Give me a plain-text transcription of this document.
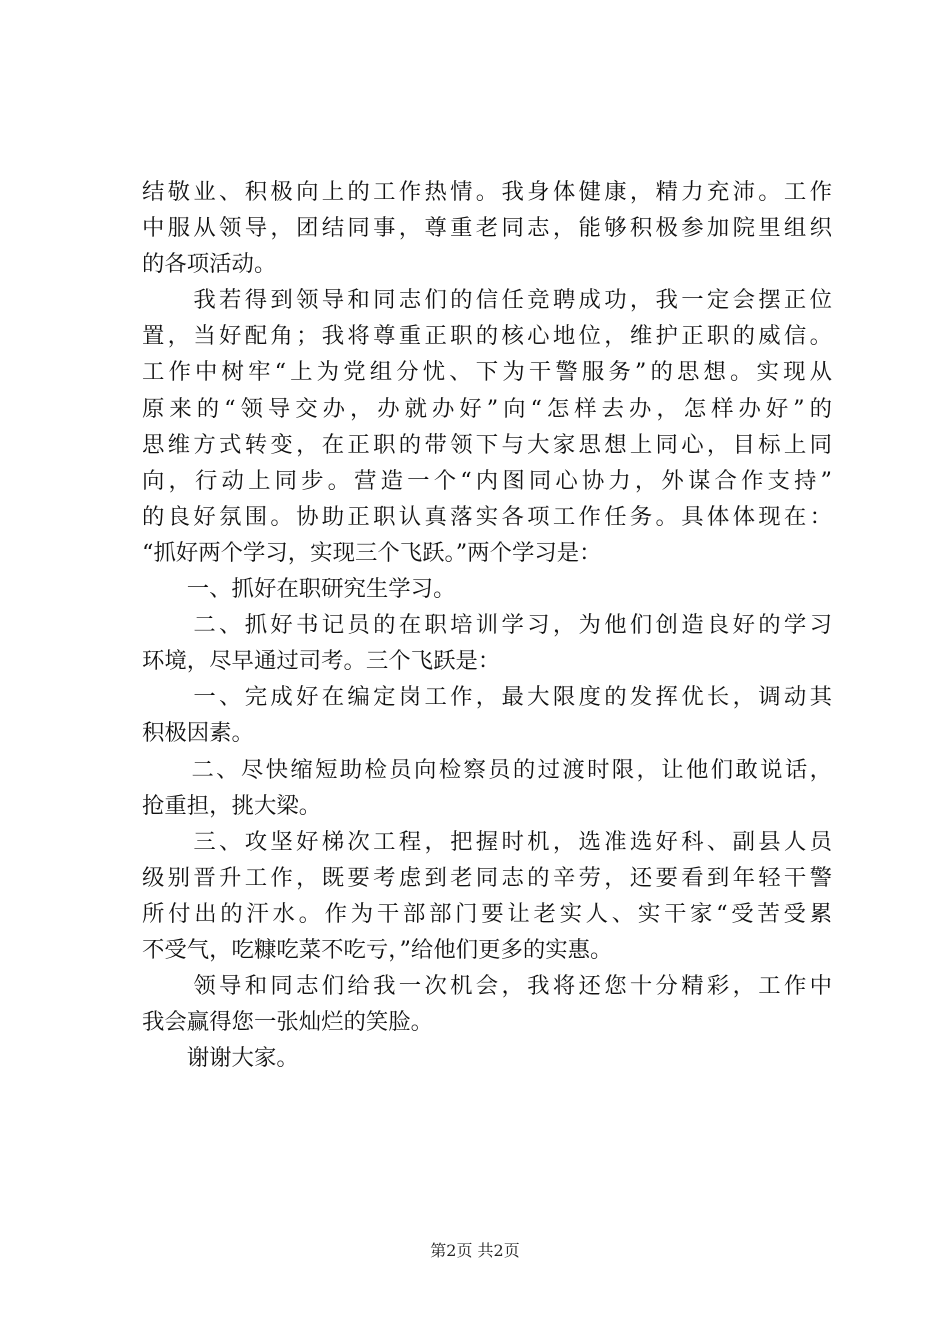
结敬业、积极向上的工作热情。我身体健康，精力充沛。工作
中服从领导，团结同事，尊重老同志，能够积极参加院里组织
的各项活动。
　　我若得到领导和同志们的信任竞聘成功，我一定会摆正位
置，当好配角；我将尊重正职的核心地位，维护正职的威信。
工作中树牢“上为党组分忧、下为干警服务”的思想。实现从
原来的“领导交办，办就办好”向“怎样去办，怎样办好”的
思维方式转变，在正职的带领下与大家思想上同心，目标上同
向，行动上同步。营造一个“内图同心协力，外谋合作支持”
的良好氛围。协助正职认真落实各项工作任务。具体体现在：
“抓好两个学习，实现三个飞跃。”两个学习是：
　　一、抓好在职研究生学习。
　　二、抓好书记员的在职培训学习，为他们创造良好的学习
环境，尽早通过司考。三个飞跃是：
　　一、完成好在编定岗工作，最大限度的发挥优长，调动其
积极因素。
　　二、尽快缩短助检员向检察员的过渡时限，让他们敢说话，
抢重担，挑大梁。
　　三、攻坚好梯次工程，把握时机，选准选好科、副县人员
级别晋升工作，既要考虑到老同志的辛劳，还要看到年轻干警
所付出的汗水。作为干部部门要让老实人、实干家“受苦受累
不受气，吃糠吃菜不吃亏，”给他们更多的实惠。
　　领导和同志们给我一次机会，我将还您十分精彩，工作中
我会赢得您一张灿烂的笑脸。
　　谢谢大家。
第2页 共2页
